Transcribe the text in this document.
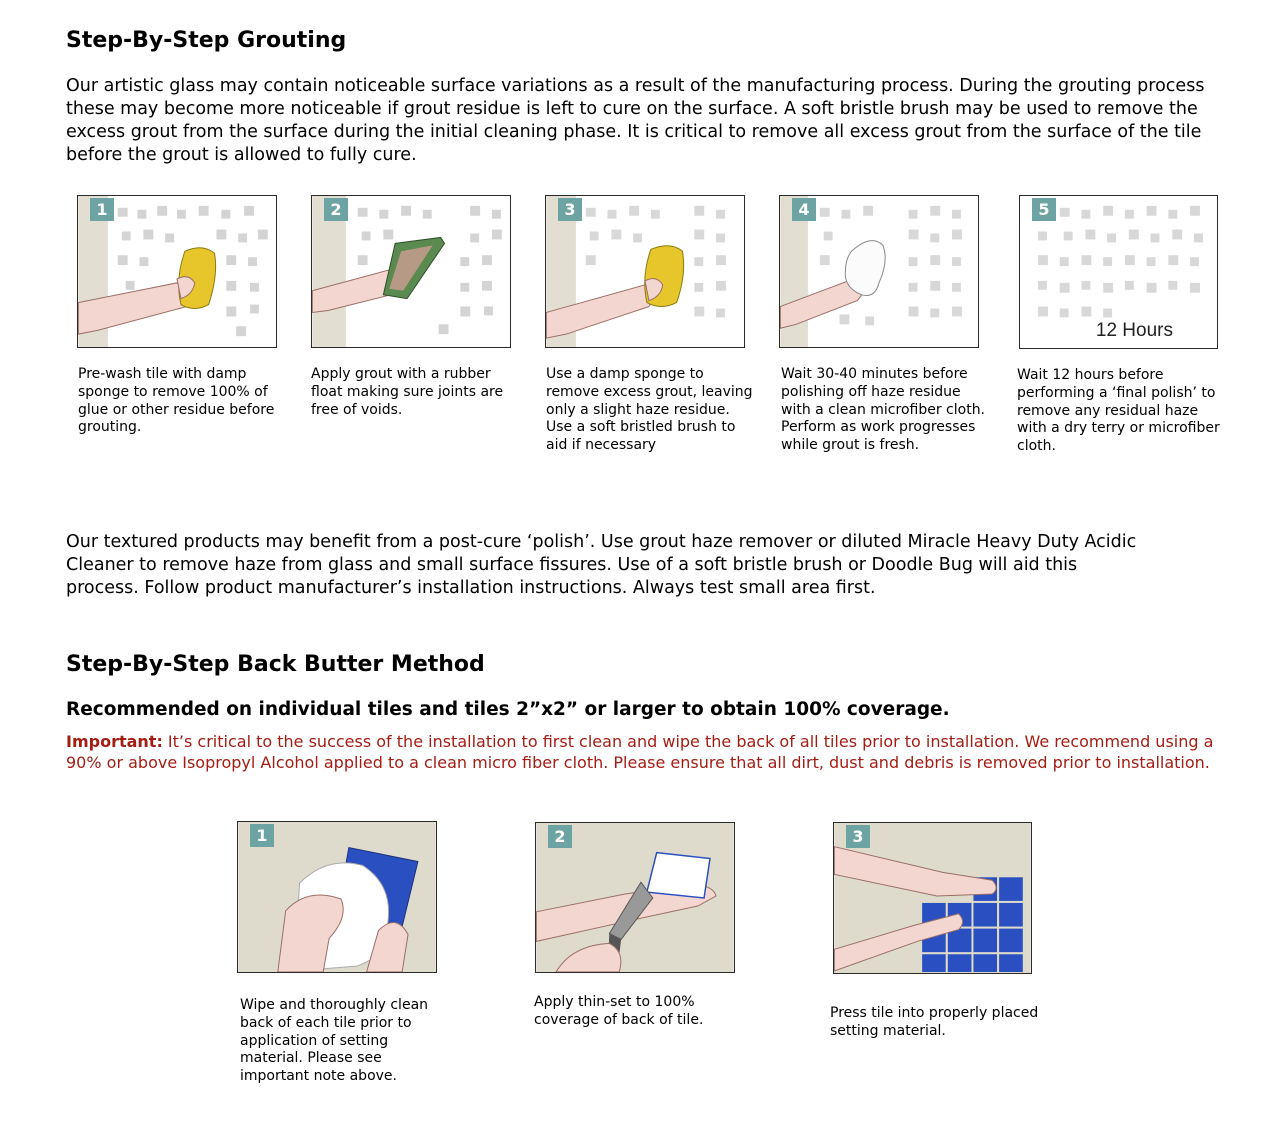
Step-By-Step Grouting

Our artistic glass may contain noticeable surface variations as a result of the manufacturing process. During the grouting process these may become more noticeable if grout residue is left to cure on the surface. A soft bristle brush may be used to remove the excess grout from the surface during the initial cleaning phase. It is critical to remove all excess grout from the surface of the tile before the grout is allowed to fully cure.

1

Pre-wash tile with damp sponge to remove 100% of glue or other residue before grouting.

2

Apply grout with a rubber float making sure joints are free of voids.

3

Use a damp sponge to remove excess grout, leaving only a slight haze residue. Use a soft bristled brush to aid if necessary

4

Wait 30-40 minutes before polishing off haze residue with a clean microfiber cloth. Perform as work progresses while grout is fresh.

5
12 Hours

Wait 12 hours before performing a ‘final polish’ to remove any residual haze with a dry terry or microfiber cloth.

Our textured products may benefit from a post-cure ‘polish’. Use grout haze remover or diluted Miracle Heavy Duty Acidic Cleaner to remove haze from glass and small surface fissures. Use of a soft bristle brush or Doodle Bug will aid this process. Follow product manufacturer’s installation instructions. Always test small area first.

Step-By-Step Back Butter Method

Recommended on individual tiles and tiles 2”x2” or larger to obtain 100% coverage.

Important: It’s critical to the success of the installation to first clean and wipe the back of all tiles prior to installation. We recommend using a 90% or above Isopropyl Alcohol applied to a clean micro fiber cloth. Please ensure that all dirt, dust and debris is removed prior to installation.

1

Wipe and thoroughly clean back of each tile prior to application of setting material. Please see important note above.

2

Apply thin-set to 100% coverage of back of tile.

3

Press tile into properly placed setting material.
